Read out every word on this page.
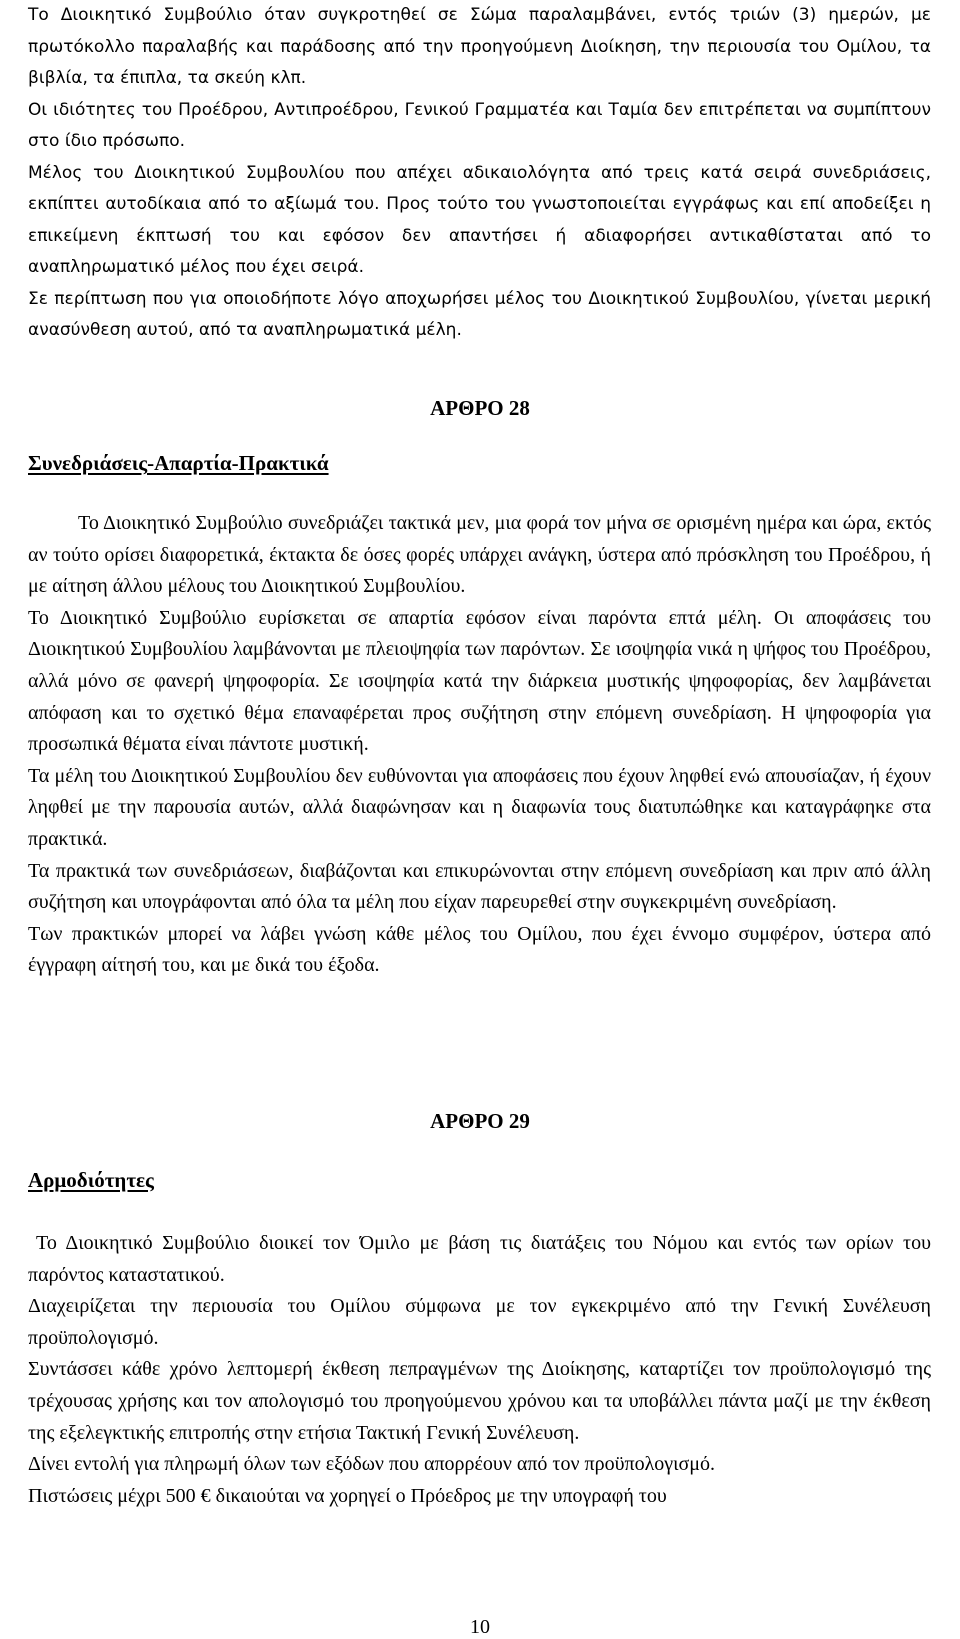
Το Διοικητικό Συμβούλιο όταν συγκροτηθεί σε Σώμα παραλαμβάνει, εντός τριών (3) ημερών, με πρωτόκολλο παραλαβής και παράδοσης από την προηγούμενη Διοίκηση, την περιουσία του Ομίλου, τα βιβλία, τα έπιπλα, τα σκεύη κλπ.

Οι ιδιότητες του Προέδρου, Αντιπροέδρου, Γενικού Γραμματέα και Ταμία δεν επιτρέπεται να συμπίπτουν στο ίδιο πρόσωπο.

Μέλος του Διοικητικού Συμβουλίου που απέχει αδικαιολόγητα από τρεις κατά σειρά συνεδριάσεις, εκπίπτει αυτοδίκαια από το αξίωμά του. Προς τούτο του γνωστοποιείται εγγράφως και επί αποδείξει η επικείμενη έκπτωσή του και εφόσον δεν απαντήσει ή αδιαφορήσει αντικαθίσταται από το αναπληρωματικό μέλος που έχει σειρά.

Σε περίπτωση που για οποιοδήποτε λόγο αποχωρήσει μέλος του Διοικητικού Συμβουλίου, γίνεται μερική ανασύνθεση αυτού, από τα αναπληρωματικά μέλη.

ΑΡΘΡΟ 28
Συνεδριάσεις-Απαρτία-Πρακτικά

Το Διοικητικό Συμβούλιο συνεδριάζει τακτικά μεν, μια φορά τον μήνα σε ορισμένη ημέρα και ώρα, εκτός αν τούτο ορίσει διαφορετικά, έκτακτα δε όσες φορές υπάρχει ανάγκη, ύστερα από πρόσκληση του Προέδρου, ή με αίτηση άλλου μέλους του Διοικητικού Συμβουλίου.

Το Διοικητικό Συμβούλιο ευρίσκεται σε απαρτία εφόσον είναι παρόντα επτά μέλη. Οι αποφάσεις του Διοικητικού Συμβουλίου λαμβάνονται με πλειοψηφία των παρόντων. Σε ισοψηφία νικά η ψήφος του Προέδρου, αλλά μόνο σε φανερή ψηφοφορία. Σε ισοψηφία κατά την διάρκεια μυστικής ψηφοφορίας, δεν λαμβάνεται απόφαση και το σχετικό θέμα επαναφέρεται προς συζήτηση στην επόμενη συνεδρίαση. Η ψηφοφορία για προσωπικά θέματα είναι πάντοτε μυστική.

Τα μέλη του Διοικητικού Συμβουλίου δεν ευθύνονται για αποφάσεις που έχουν ληφθεί ενώ απουσίαζαν, ή έχουν ληφθεί με την παρουσία αυτών, αλλά διαφώνησαν και η διαφωνία τους διατυπώθηκε και καταγράφηκε στα πρακτικά.

Τα πρακτικά των συνεδριάσεων, διαβάζονται και επικυρώνονται στην επόμενη συνεδρίαση και πριν από άλλη συζήτηση και υπογράφονται από όλα τα μέλη που είχαν παρευρεθεί στην συγκεκριμένη συνεδρίαση.

Των πρακτικών μπορεί να λάβει γνώση κάθε μέλος του Ομίλου, που έχει έννομο συμφέρον, ύστερα από έγγραφη αίτησή του, και με δικά του έξοδα.

ΑΡΘΡΟ 29
Αρμοδιότητες

Το Διοικητικό Συμβούλιο διοικεί τον Όμιλο με βάση τις διατάξεις του Νόμου και εντός των ορίων του παρόντος καταστατικού.

Διαχειρίζεται την περιουσία του Ομίλου σύμφωνα με τον εγκεκριμένο από την Γενική Συνέλευση προϋπολογισμό.

Συντάσσει κάθε χρόνο λεπτομερή έκθεση πεπραγμένων της Διοίκησης, καταρτίζει τον προϋπολογισμό της τρέχουσας χρήσης και τον απολογισμό του προηγούμενου χρόνου και τα υποβάλλει πάντα μαζί με την έκθεση της εξελεγκτικής επιτροπής στην ετήσια Τακτική Γενική Συνέλευση.

Δίνει εντολή για πληρωμή όλων των εξόδων που απορρέουν από τον προϋπολογισμό.

Πιστώσεις μέχρι 500 € δικαιούται να χορηγεί ο Πρόεδρος με την υπογραφή του

10
